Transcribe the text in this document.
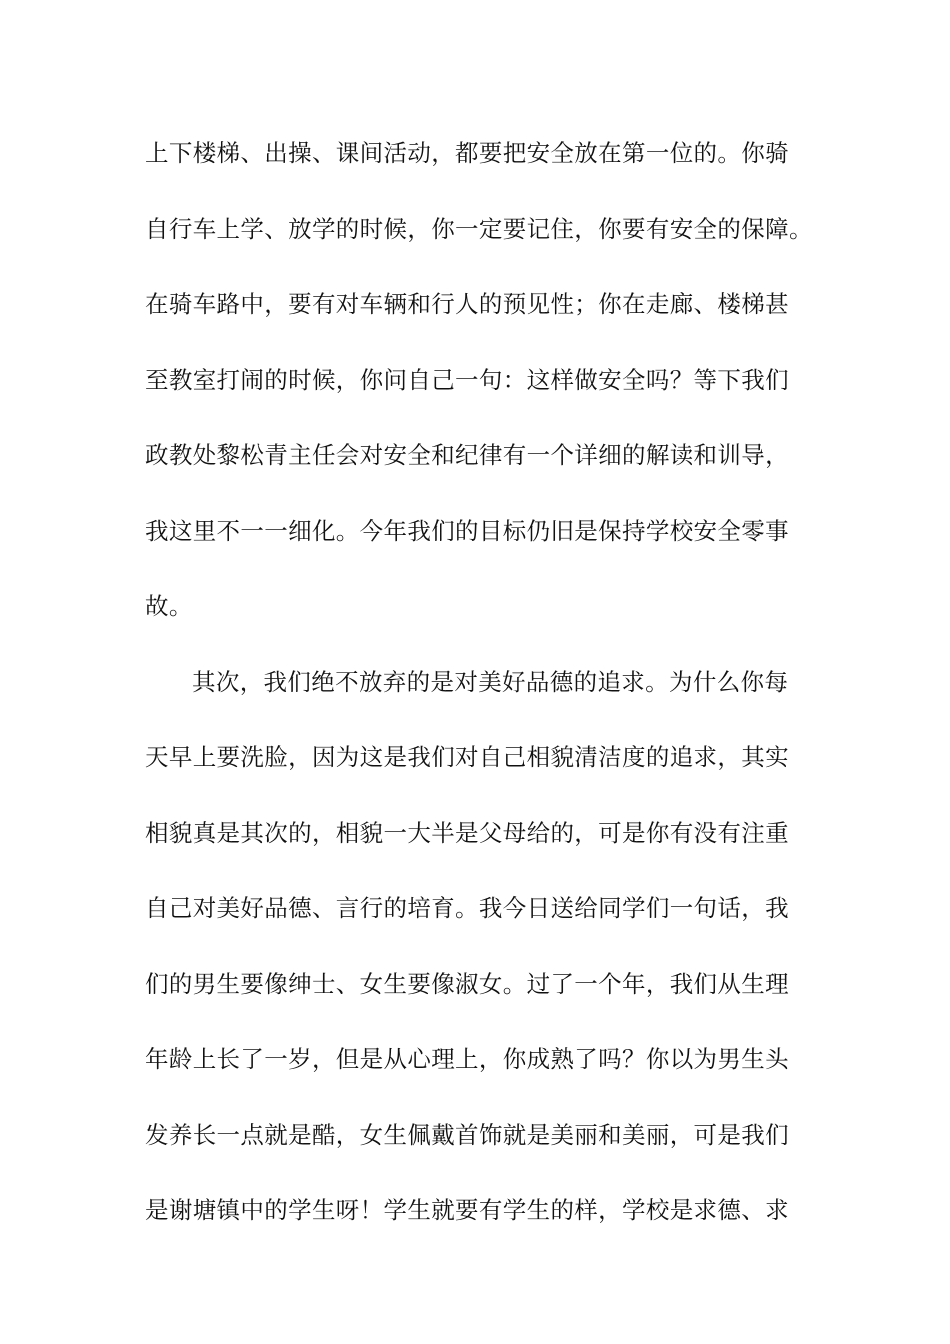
上下楼梯、出操、课间活动，都要把安全放在第一位的。你骑
自行车上学、放学的时候，你一定要记住，你要有安全的保障。
在骑车路中，要有对车辆和行人的预见性；你在走廊、楼梯甚
至教室打闹的时候，你问自己一句：这样做安全吗？等下我们
政教处黎松青主任会对安全和纪律有一个详细的解读和训导，
我这里不一一细化。今年我们的目标仍旧是保持学校安全零事
故。
其次，我们绝不放弃的是对美好品德的追求。为什么你每
天早上要洗脸，因为这是我们对自己相貌清洁度的追求，其实
相貌真是其次的，相貌一大半是父母给的，可是你有没有注重
自己对美好品德、言行的培育。我今日送给同学们一句话，我
们的男生要像绅士、女生要像淑女。过了一个年，我们从生理
年龄上长了一岁，但是从心理上，你成熟了吗？你以为男生头
发养长一点就是酷，女生佩戴首饰就是美丽和美丽，可是我们
是谢塘镇中的学生呀！学生就要有学生的样，学校是求德、求
